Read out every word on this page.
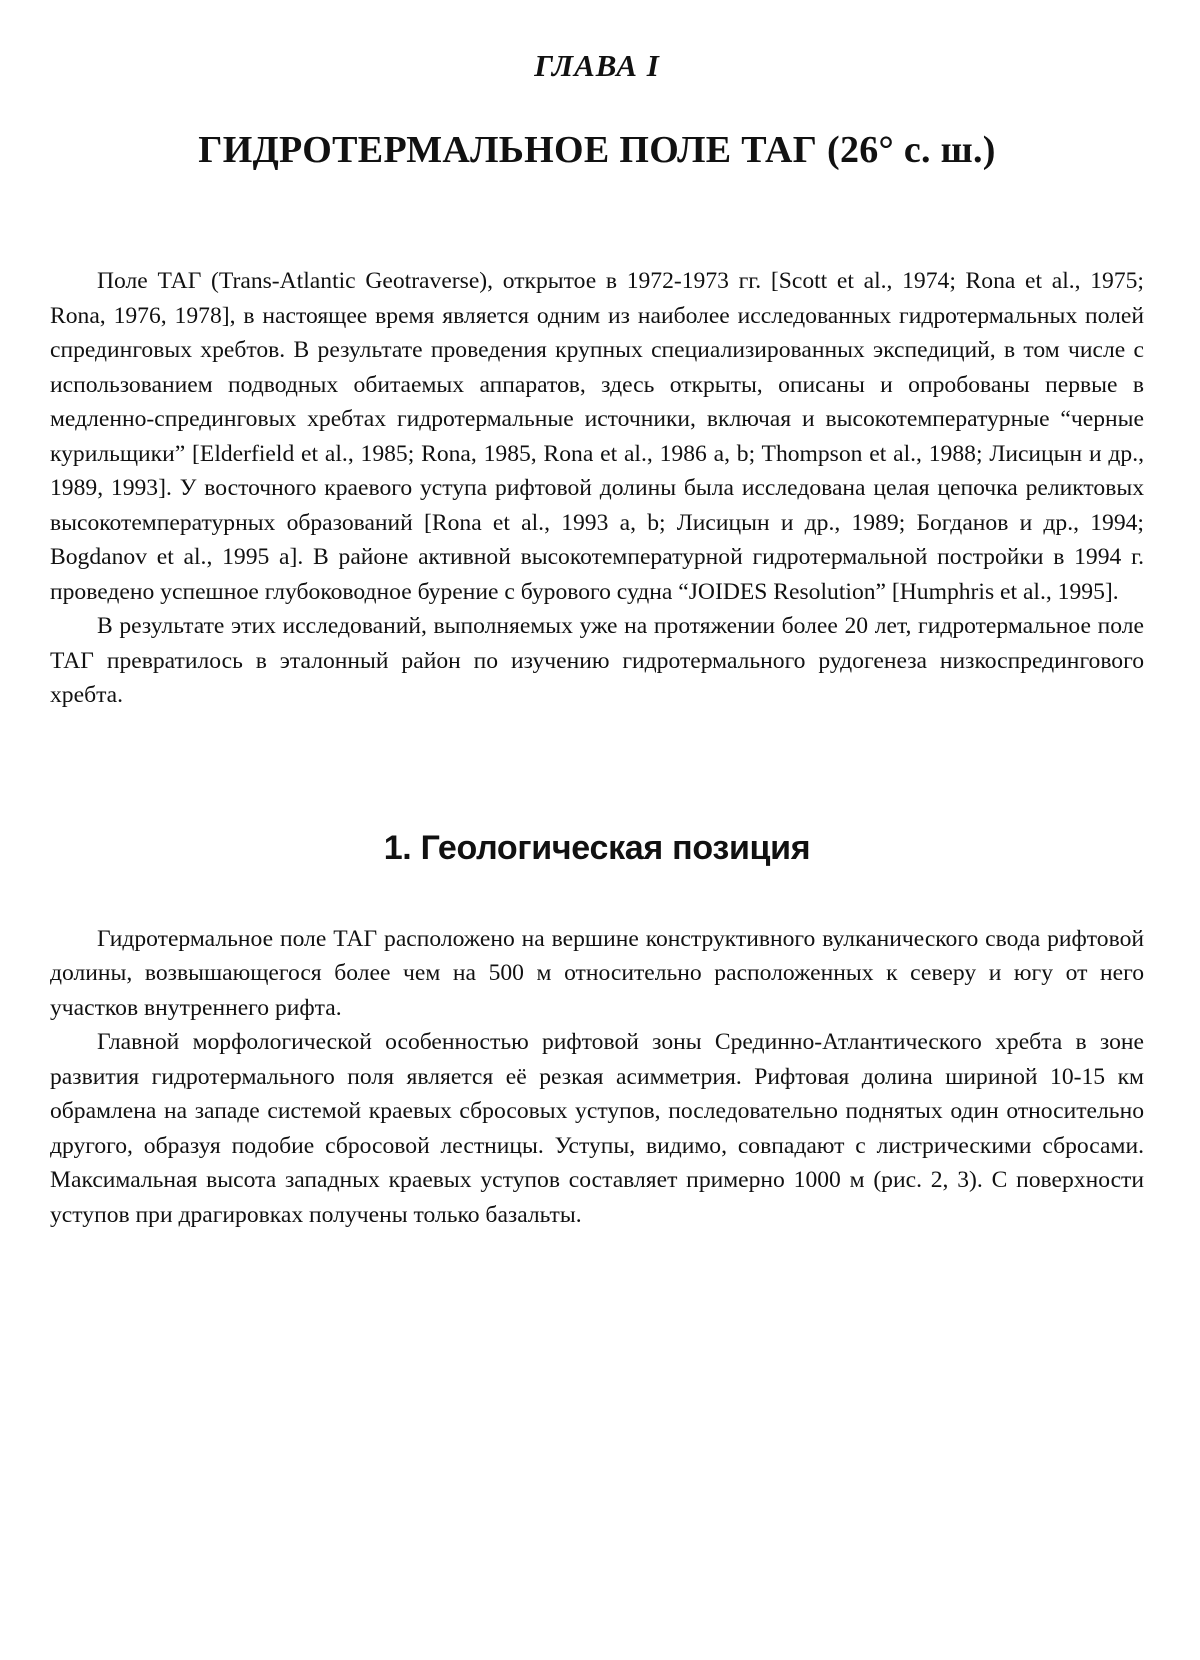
ГЛАВА I
ГИДРОТЕРМАЛЬНОЕ ПОЛЕ ТАГ (26° с. ш.)

Поле ТАГ (Trans-Atlantic Geotraverse), открытое в 1972-1973 гг. [Scott et al., 1974; Rona et al., 1975; Rona, 1976, 1978], в настоящее время является одним из наиболее исследованных гидротермальных полей спрединговых хребтов. В результате проведения крупных специализированных экспедиций, в том числе с использованием подводных обитаемых аппаратов, здесь открыты, описаны и опробованы первые в медленно-спрединговых хребтах гидротермальные источники, включая и высокотемпературные “черные курильщики” [Elderfield et al., 1985; Rona, 1985, Rona et al., 1986 a, b; Thompson et al., 1988; Лисицын и др., 1989, 1993]. У восточного краевого уступа рифтовой долины была исследована целая цепочка реликтовых высокотемпературных образований [Rona et al., 1993 a, b; Лисицын и др., 1989; Богданов и др., 1994; Bogdanov et al., 1995 a]. В районе активной высокотемпературной гидротермальной постройки в 1994 г. проведено успешное глубоководное бурение с бурового судна “JOIDES Resolution” [Humphris et al., 1995].

В результате этих исследований, выполняемых уже на протяжении более 20 лет, гидротермальное поле ТАГ превратилось в эталонный район по изучению гидротермального рудогенеза низкоспредингового хребта.

1. Геологическая позиция

Гидротермальное поле ТАГ расположено на вершине конструктивного вулканического свода рифтовой долины, возвышающегося более чем на 500 м относительно расположенных к северу и югу от него участков внутреннего рифта.

Главной морфологической особенностью рифтовой зоны Срединно-Атлантического хребта в зоне развития гидротермального поля является её резкая асимметрия. Рифтовая долина шириной 10-15 км обрамлена на западе системой краевых сбросовых уступов, последовательно поднятых один относительно другого, образуя подобие сбросовой лестницы. Уступы, видимо, совпадают с листрическими сбросами. Максимальная высота западных краевых уступов составляет примерно 1000 м (рис. 2, 3). С поверхности уступов при драгировках получены только базальты.
